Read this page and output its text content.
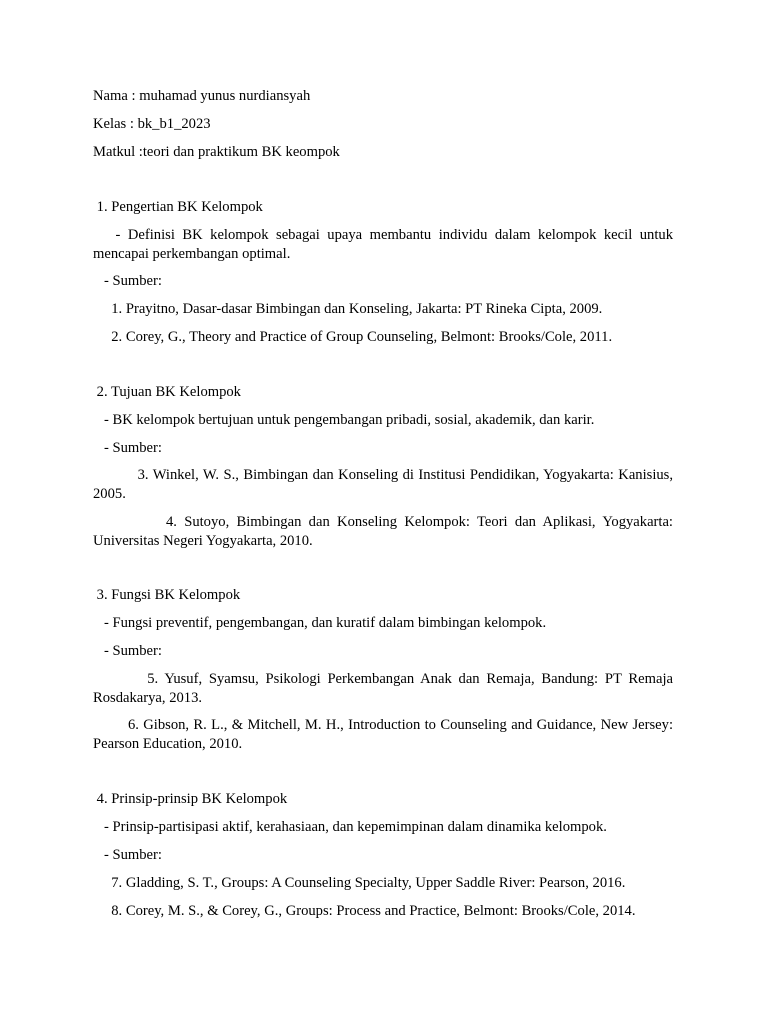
Nama : muhamad yunus nurdiansyah
Kelas : bk_b1_2023
Matkul :teori dan praktikum BK keompok
1. Pengertian BK Kelompok
- Definisi BK kelompok sebagai upaya membantu individu dalam kelompok kecil untuk mencapai perkembangan optimal.
- Sumber:
1. Prayitno, Dasar-dasar Bimbingan dan Konseling, Jakarta: PT Rineka Cipta, 2009.
2. Corey, G., Theory and Practice of Group Counseling, Belmont: Brooks/Cole, 2011.
2. Tujuan BK Kelompok
- BK kelompok bertujuan untuk pengembangan pribadi, sosial, akademik, dan karir.
- Sumber:
3. Winkel, W. S., Bimbingan dan Konseling di Institusi Pendidikan, Yogyakarta: Kanisius, 2005.
4. Sutoyo, Bimbingan dan Konseling Kelompok: Teori dan Aplikasi, Yogyakarta: Universitas Negeri Yogyakarta, 2010.
3. Fungsi BK Kelompok
- Fungsi preventif, pengembangan, dan kuratif dalam bimbingan kelompok.
- Sumber:
5. Yusuf, Syamsu, Psikologi Perkembangan Anak dan Remaja, Bandung: PT Remaja Rosdakarya, 2013.
6. Gibson, R. L., & Mitchell, M. H., Introduction to Counseling and Guidance, New Jersey: Pearson Education, 2010.
4. Prinsip-prinsip BK Kelompok
- Prinsip-partisipasi aktif, kerahasiaan, dan kepemimpinan dalam dinamika kelompok.
- Sumber:
7. Gladding, S. T., Groups: A Counseling Specialty, Upper Saddle River: Pearson, 2016.
8. Corey, M. S., & Corey, G., Groups: Process and Practice, Belmont: Brooks/Cole, 2014.
